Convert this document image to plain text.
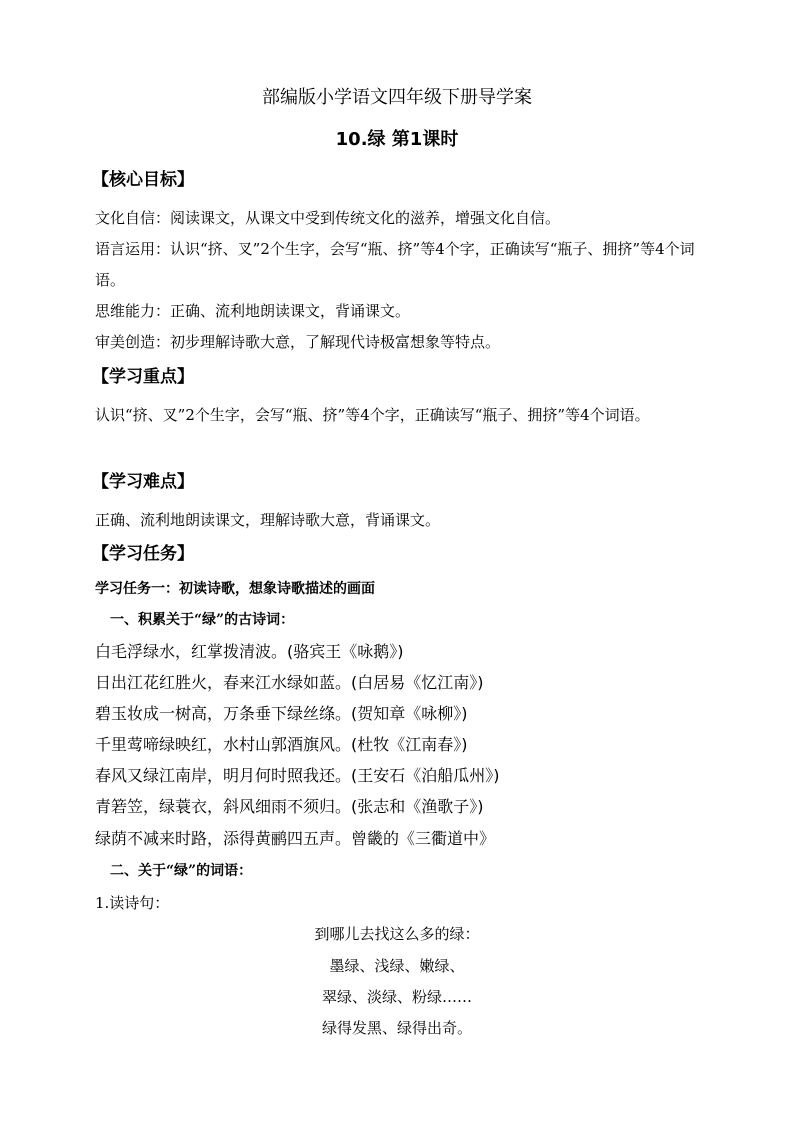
部编版小学语文四年级下册导学案
10.绿 第1课时
【核心目标】
文化自信：阅读课文，从课文中受到传统文化的滋养，增强文化自信。
语言运用：认识“挤、叉”2个生字，会写“瓶、挤”等4个字，正确读写“瓶子、拥挤”等4个词语。
思维能力：正确、流利地朗读课文，背诵课文。
审美创造：初步理解诗歌大意，了解现代诗极富想象等特点。
【学习重点】
认识“挤、叉”2个生字，会写“瓶、挤”等4个字，正确读写“瓶子、拥挤”等4个词语。
【学习难点】
正确、流利地朗读课文，理解诗歌大意，背诵课文。
【学习任务】
学习任务一：初读诗歌，想象诗歌描述的画面
一、积累关于“绿”的古诗词：
白毛浮绿水，红掌拨清波。(骆宾王《咏鹅》)
日出江花红胜火，春来江水绿如蓝。(白居易《忆江南》)
碧玉妆成一树高，万条垂下绿丝绦。(贺知章《咏柳》)
千里莺啼绿映红，水村山郭酒旗风。(杜牧《江南春》)
春风又绿江南岸，明月何时照我还。(王安石《泊船瓜州》)
青箬笠，绿蓑衣，斜风细雨不须归。(张志和《渔歌子》)
绿荫不减来时路，添得黄鹂四五声。曾畿的《三衢道中》
二、关于“绿”的词语：
1.读诗句：
到哪儿去找这么多的绿：
墨绿、浅绿、嫩绿、
翠绿、淡绿、粉绿……
绿得发黑、绿得出奇。
